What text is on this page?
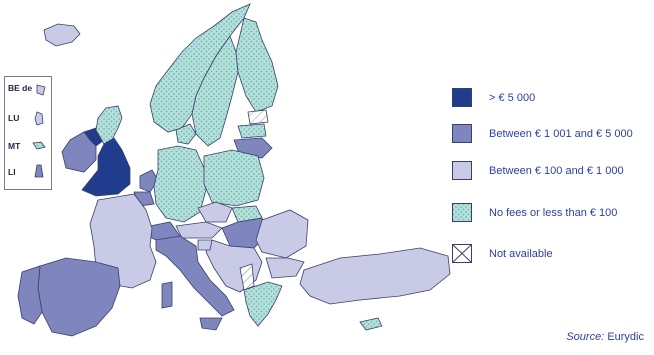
BE de
LU
MT
LI
> € 5 000
Between € 1 001 and € 5 000
Between € 100 and € 1 000
No fees or less than € 100
Not available
Source: Eurydic
